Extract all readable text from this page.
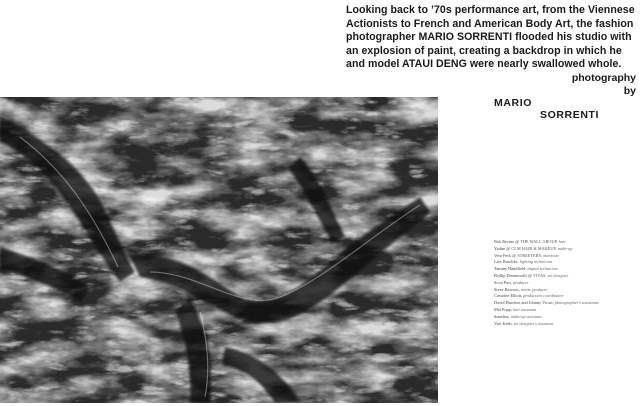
Looking back to ’70s performance art, from the Viennese
Actionists to French and American Body Art, the fashion
photographer MARIO SORRENTI flooded his studio with
an explosion of paint, creating a backdrop in which he
and model ATAUI DENG were nearly swallowed whole.
photography
by
MARIO
SORRENTI
Bob Recine @ THE WALL GROUP, hair
Yadim @ CLM HAIR & MAKEUP, make-up
Vera Peck @ STREETERS, manicure
Lars Buschke, lighting technician
Tammy Handfield, digital technician
Phillip Demmwelli @ VIVAS, set designer
Scott Parr, producer
Steve Rawson, movie producer
Cassidee Elliott, production coordinator
David Hurchen and Johnny Vicari, photographer's assistants
Mel Popp, hair assistant
Sunalisa, make-up assistant
Vasi Keeb, set designer's assistant
